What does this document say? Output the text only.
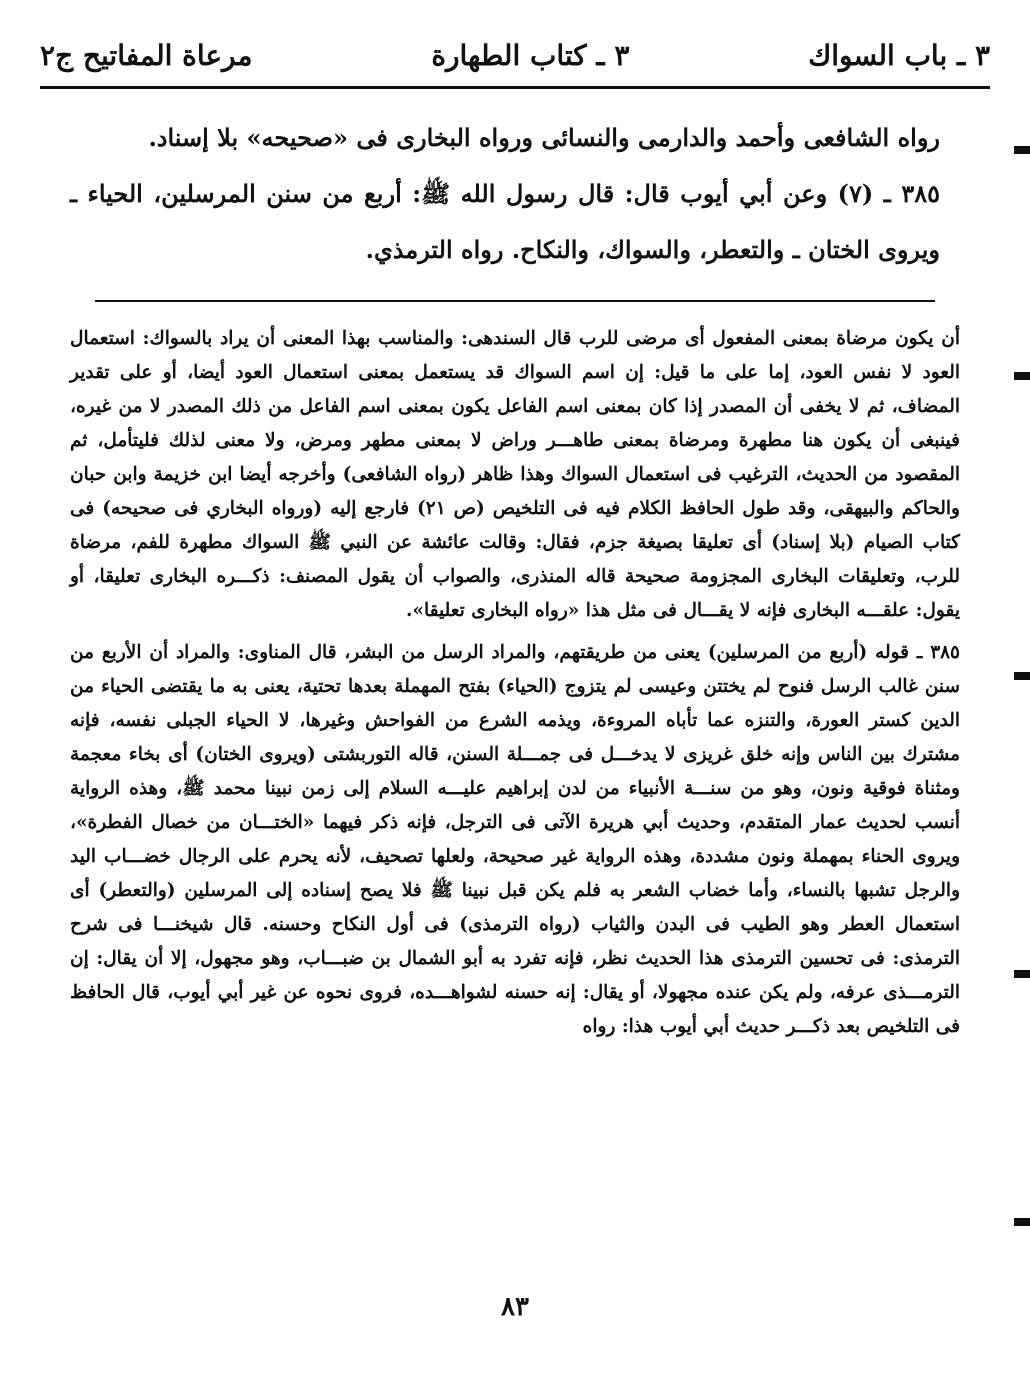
مرعاة المفاتيح ج٢	٣ ـ كتاب الطهارة	٣ ـ باب السواك

رواه الشافعى وأحمد والدارمى والنسائى ورواه البخارى فى «صحيحه» بلا إسناد.

٣٨٥ ـ (٧) وعن أبي أيوب قال: قال رسول الله ﷺ: أربع من سنن المرسلين، الحياء ـ ويروى الختان ـ والتعطر، والسواك، والنكاح. رواه الترمذي.

أن يكون مرضاة بمعنى المفعول أى مرضى للرب قال السندهى: والمناسب بهذا المعنى أن يراد بالسواك: استعمال العود لا نفس العود، إما على ما قيل: إن اسم السواك قد يستعمل بمعنى استعمال العود أيضا، أو على تقدير المضاف، ثم لا يخفى أن المصدر إذا كان بمعنى اسم الفاعل يكون بمعنى اسم الفاعل من ذلك المصدر لا من غيره، فينبغى أن يكون هنا مطهرة ومرضاة بمعنى طاهـــر وراض لا بمعنى مطهر ومرض، ولا معنى لذلك فليتأمل، ثم المقصود من الحديث، الترغيب فى استعمال السواك وهذا ظاهر (رواه الشافعى) وأخرجه أيضا ابن خزيمة وابن حبان والحاكم والبيهقى، وقد طول الحافظ الكلام فيه فى التلخيص (ص ٢١) فارجع إليه (ورواه البخاري فى صحيحه) فى كتاب الصيام (بلا إسناد) أى تعليقا بصيغة جزم، فقال: وقالت عائشة عن النبي ﷺ السواك مطهرة للفم، مرضاة للرب، وتعليقات البخارى المجزومة صحيحة قاله المنذرى، والصواب أن يقول المصنف: ذكـــره البخارى تعليقا، أو يقول: علقـــه البخارى فإنه لا يقـــال فى مثل هذا «رواه البخارى تعليقا».

٣٨٥ ـ قوله (أربع من المرسلين) يعنى من طريقتهم، والمراد الرسل من البشر، قال المناوى: والمراد أن الأربع من سنن غالب الرسل فنوح لم يختتن وعيسى لم يتزوج (الحياء) بفتح المهملة بعدها تحتية، يعنى به ما يقتضى الحياء من الدين كستر العورة، والتنزه عما تأباه المروءة، ويذمه الشرع من الفواحش وغيرها، لا الحياء الجبلى نفسه، فإنه مشترك بين الناس وإنه خلق غريزى لا يدخـــل فى جمـــلة السنن، قاله التوربشتى (ويروى الختان) أى بخاء معجمة ومثناة فوقية ونون، وهو من سنـــة الأنبياء من لدن إبراهيم عليـــه السلام إلى زمن نبينا محمد ﷺ، وهذه الرواية أنسب لحديث عمار المتقدم، وحديث أبي هريرة الآتى فى الترجل، فإنه ذكر فيهما «الختـــان من خصال الفطرة»، ويروى الحناء بمهملة ونون مشددة، وهذه الرواية غير صحيحة، ولعلها تصحيف، لأنه يحرم على الرجال خضـــاب اليد والرجل تشبها بالنساء، وأما خضاب الشعر به فلم يكن قبل نبينا ﷺ فلا يصح إسناده إلى المرسلين (والتعطر) أى استعمال العطر وهو الطيب فى البدن والثياب (رواه الترمذى) فى أول النكاح وحسنه. قال شيخنـــا فى شرح الترمذى: فى تحسين الترمذى هذا الحديث نظر، فإنه تفرد به أبو الشمال بن ضبـــاب، وهو مجهول، إلا أن يقال: إن الترمـــذى عرفه، ولم يكن عنده مجهولا، أو يقال: إنه حسنه لشواهـــده، فروى نحوه عن غير أبي أيوب، قال الحافظ فى التلخيص بعد ذكـــر حديث أبي أيوب هذا: رواه

٨٣
